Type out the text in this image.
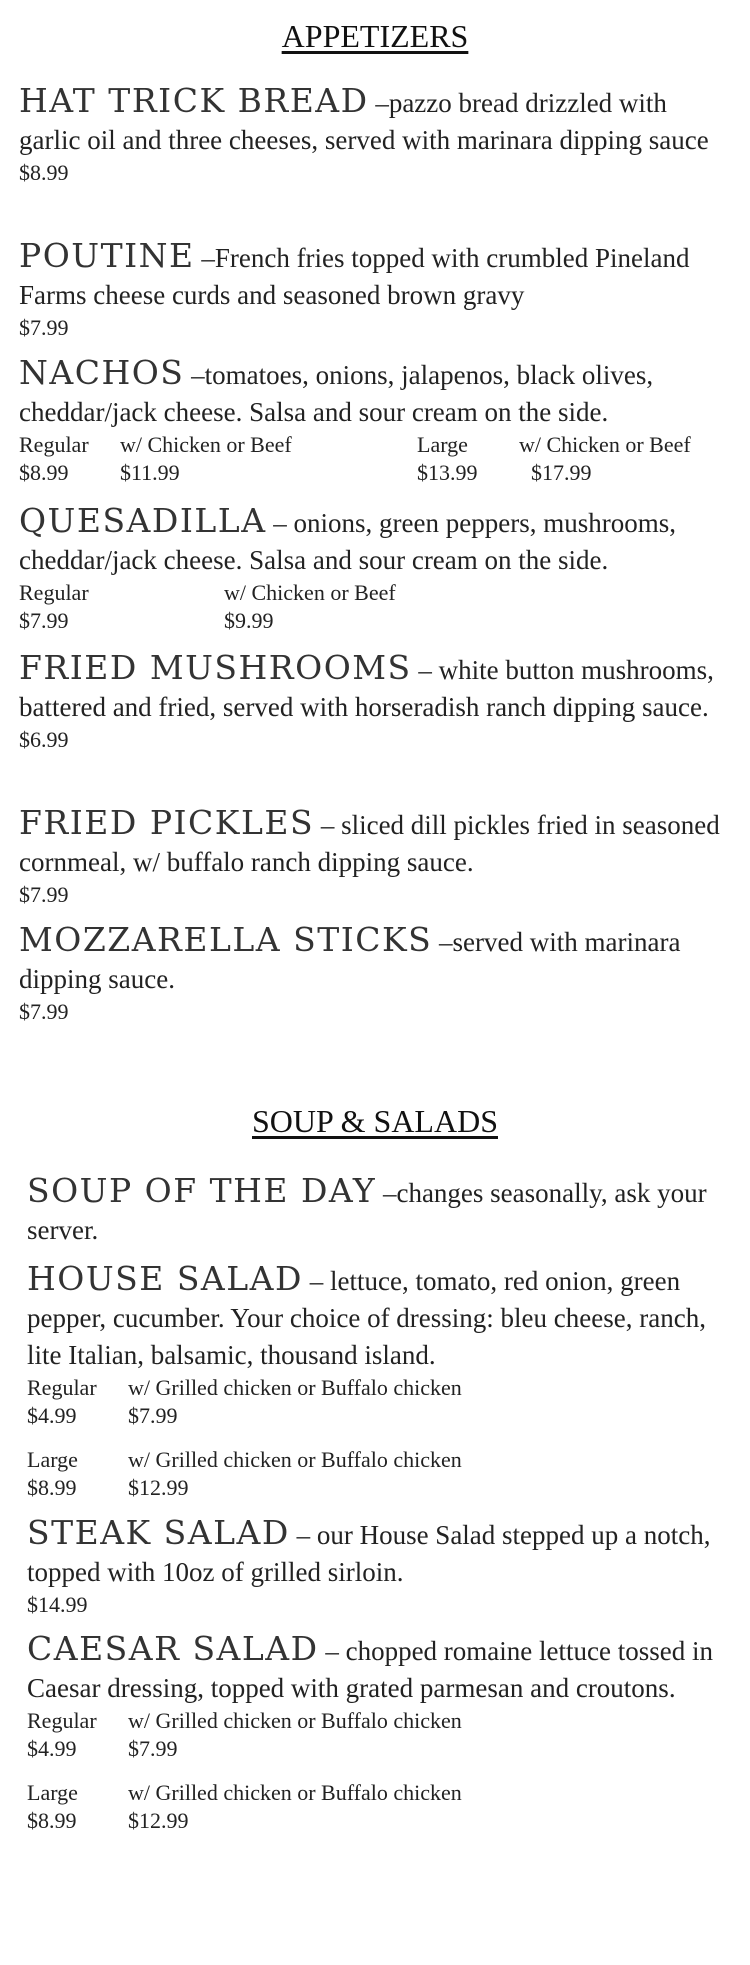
APPETIZERS

HAT TRICK BREAD –pazzo bread drizzled with garlic oil and three cheeses, served with marinara dipping sauce

$8.99

POUTINE –French fries topped with crumbled Pineland Farms cheese curds and seasoned brown gravy

$7.99

NACHOS –tomatoes, onions, jalapenos, black olives, cheddar/jack cheese. Salsa and sour cream on the side.

Regular
$8.99
w/ Chicken or Beef
$11.99
Large
$13.99
w/ Chicken or Beef
$17.99

QUESADILLA – onions, green peppers, mushrooms, cheddar/jack cheese. Salsa and sour cream on the side.

Regular
$7.99
w/ Chicken or Beef
$9.99

FRIED MUSHROOMS – white button mushrooms, battered and fried, served with horseradish ranch dipping sauce.

$6.99

FRIED PICKLES – sliced dill pickles fried in seasoned cornmeal, w/ buffalo ranch dipping sauce.

$7.99

MOZZARELLA STICKS –served with marinara dipping sauce.

$7.99
SOUP & SALADS

SOUP OF THE DAY –changes seasonally, ask your server.

HOUSE SALAD – lettuce, tomato, red onion, green pepper, cucumber. Your choice of dressing: bleu cheese, ranch, lite Italian, balsamic, thousand island.

Regular
$4.99
w/ Grilled chicken or Buffalo chicken
$7.99
Large
$8.99
w/ Grilled chicken or Buffalo chicken
$12.99

STEAK SALAD – our House Salad stepped up a notch, topped with 10oz of grilled sirloin.

$14.99

CAESAR SALAD – chopped romaine lettuce tossed in Caesar dressing, topped with grated parmesan and croutons.

Regular
$4.99
w/ Grilled chicken or Buffalo chicken
$7.99
Large
$8.99
w/ Grilled chicken or Buffalo chicken
$12.99
